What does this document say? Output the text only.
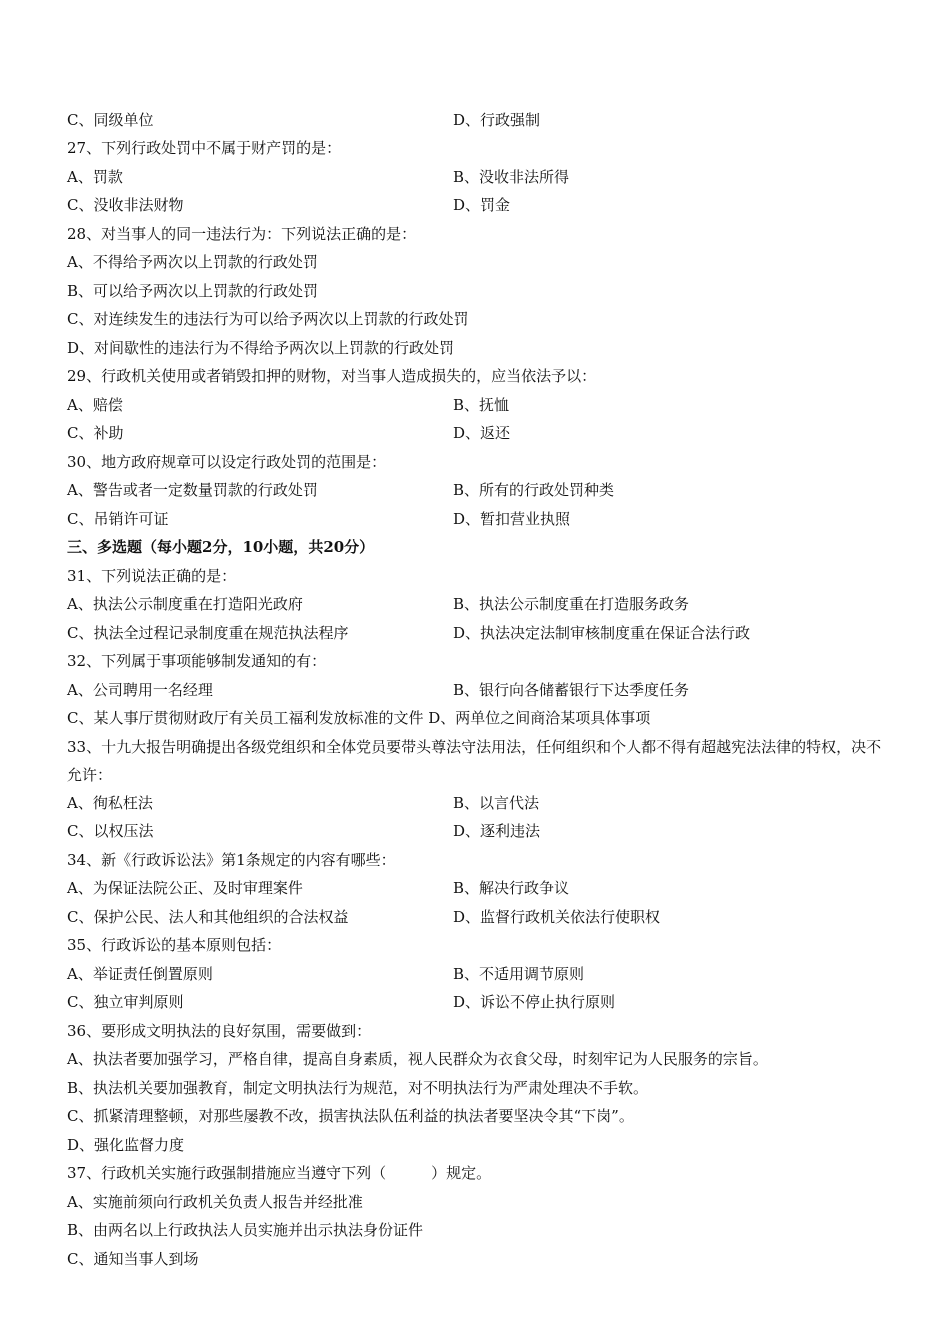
C、同级单位	D、行政强制
27、下列行政处罚中不属于财产罚的是：
A、罚款	B、没收非法所得
C、没收非法财物	D、罚金
28、对当事人的同一违法行为：下列说法正确的是：
A、不得给予两次以上罚款的行政处罚
B、可以给予两次以上罚款的行政处罚
C、对连续发生的违法行为可以给予两次以上罚款的行政处罚
D、对间歇性的违法行为不得给予两次以上罚款的行政处罚
29、行政机关使用或者销毁扣押的财物，对当事人造成损失的，应当依法予以：
A、赔偿	B、抚恤
C、补助	D、返还
30、地方政府规章可以设定行政处罚的范围是：
A、警告或者一定数量罚款的行政处罚	B、所有的行政处罚种类
C、吊销许可证	D、暂扣营业执照
三、多选题（每小题2分，10小题，共20分）
31、下列说法正确的是：
A、执法公示制度重在打造阳光政府	B、执法公示制度重在打造服务政务
C、执法全过程记录制度重在规范执法程序	D、执法决定法制审核制度重在保证合法行政
32、下列属于事项能够制发通知的有：
A、公司聘用一名经理	B、银行向各储蓄银行下达季度任务
C、某人事厅贯彻财政厅有关员工福利发放标准的文件 D、两单位之间商洽某项具体事项
33、十九大报告明确提出各级党组织和全体党员要带头尊法守法用法，任何组织和个人都不得有超越宪法法律的特权，决不允许：
A、徇私枉法	B、以言代法
C、以权压法	D、逐利违法
34、新《行政诉讼法》第1条规定的内容有哪些：
A、为保证法院公正、及时审理案件	B、解决行政争议
C、保护公民、法人和其他组织的合法权益	D、监督行政机关依法行使职权
35、行政诉讼的基本原则包括：
A、举证责任倒置原则	B、不适用调节原则
C、独立审判原则	D、诉讼不停止执行原则
36、要形成文明执法的良好氛围，需要做到：
A、执法者要加强学习，严格自律，提高自身素质，视人民群众为衣食父母，时刻牢记为人民服务的宗旨。
B、执法机关要加强教育，制定文明执法行为规范，对不明执法行为严肃处理决不手软。
C、抓紧清理整顿，对那些屡教不改，损害执法队伍利益的执法者要坚决令其“下岗”。
D、强化监督力度
37、行政机关实施行政强制措施应当遵守下列（　　　）规定。
A、实施前须向行政机关负责人报告并经批准
B、由两名以上行政执法人员实施并出示执法身份证件
C、通知当事人到场
